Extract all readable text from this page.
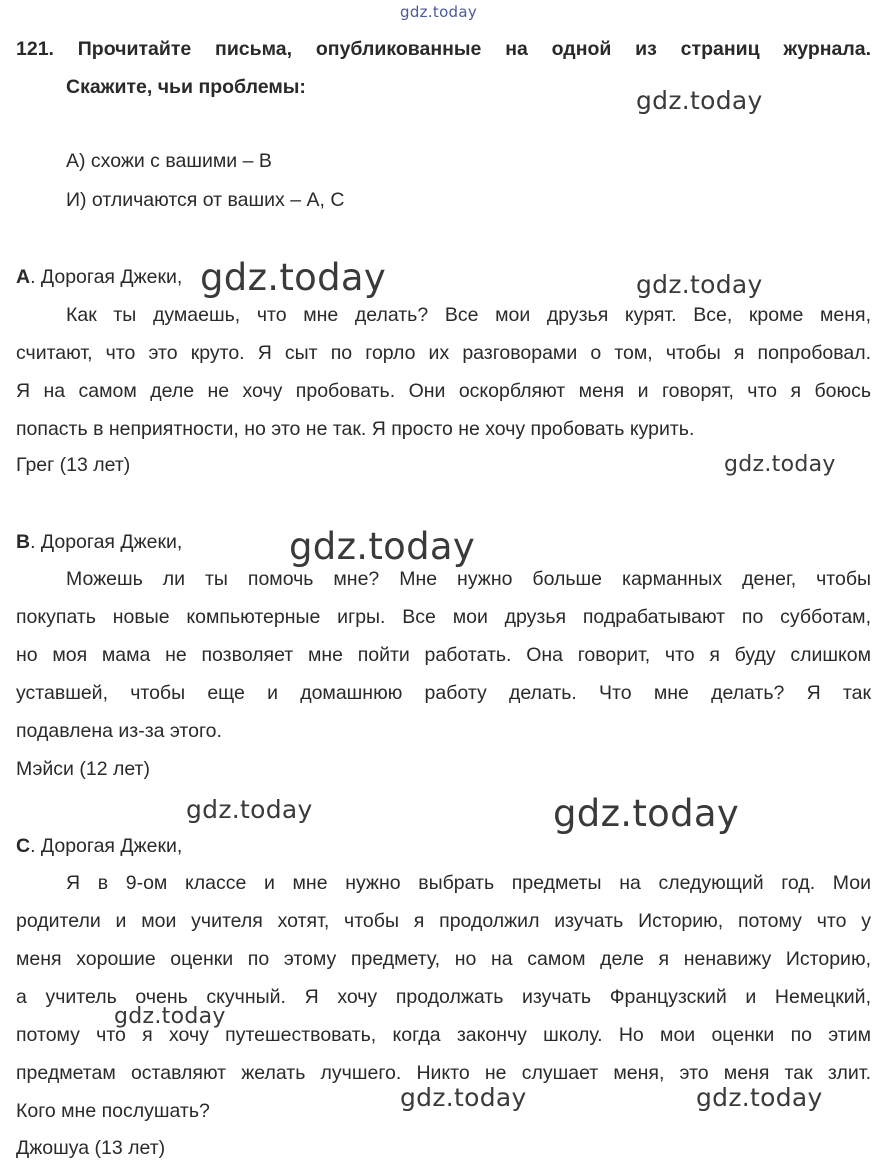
121. Прочитайте письма, опубликованные на одной из страниц журнала.
Скажите, чьи проблемы:
А) схожи с вашими – В
И) отличаются от ваших – А, С
A. Дорогая Джеки,
Как ты думаешь, что мне делать? Все мои друзья курят. Все, кроме меня,
считают, что это круто. Я сыт по горло их разговорами о том, чтобы я попробовал.
Я на самом деле не хочу пробовать. Они оскорбляют меня и говорят, что я боюсь
попасть в неприятности, но это не так. Я просто не хочу пробовать курить.
Грег (13 лет)
B. Дорогая Джеки,
Можешь ли ты помочь мне? Мне нужно больше карманных денег, чтобы
покупать новые компьютерные игры. Все мои друзья подрабатывают по субботам,
но моя мама не позволяет мне пойти работать. Она говорит, что я буду слишком
уставшей, чтобы еще и домашнюю работу делать. Что мне делать? Я так
подавлена из-за этого.
Мэйси (12 лет)
C. Дорогая Джеки,
Я в 9-ом классе и мне нужно выбрать предметы на следующий год. Мои
родители и мои учителя хотят, чтобы я продолжил изучать Историю, потому что у
меня хорошие оценки по этому предмету, но на самом деле я ненавижу Историю,
а учитель очень скучный. Я хочу продолжать изучать Французский и Немецкий,
потому что я хочу путешествовать, когда закончу школу. Но мои оценки по этим
предметам оставляют желать лучшего. Никто не слушает меня, это меня так злит.
Кого мне послушать?
Джошуа (13 лет)
gdz.today
gdz.today
gdz.today	gdz.today
gdz.today
gdz.today
gdz.today	gdz.today
gdz.today
gdz.today	gdz.today
